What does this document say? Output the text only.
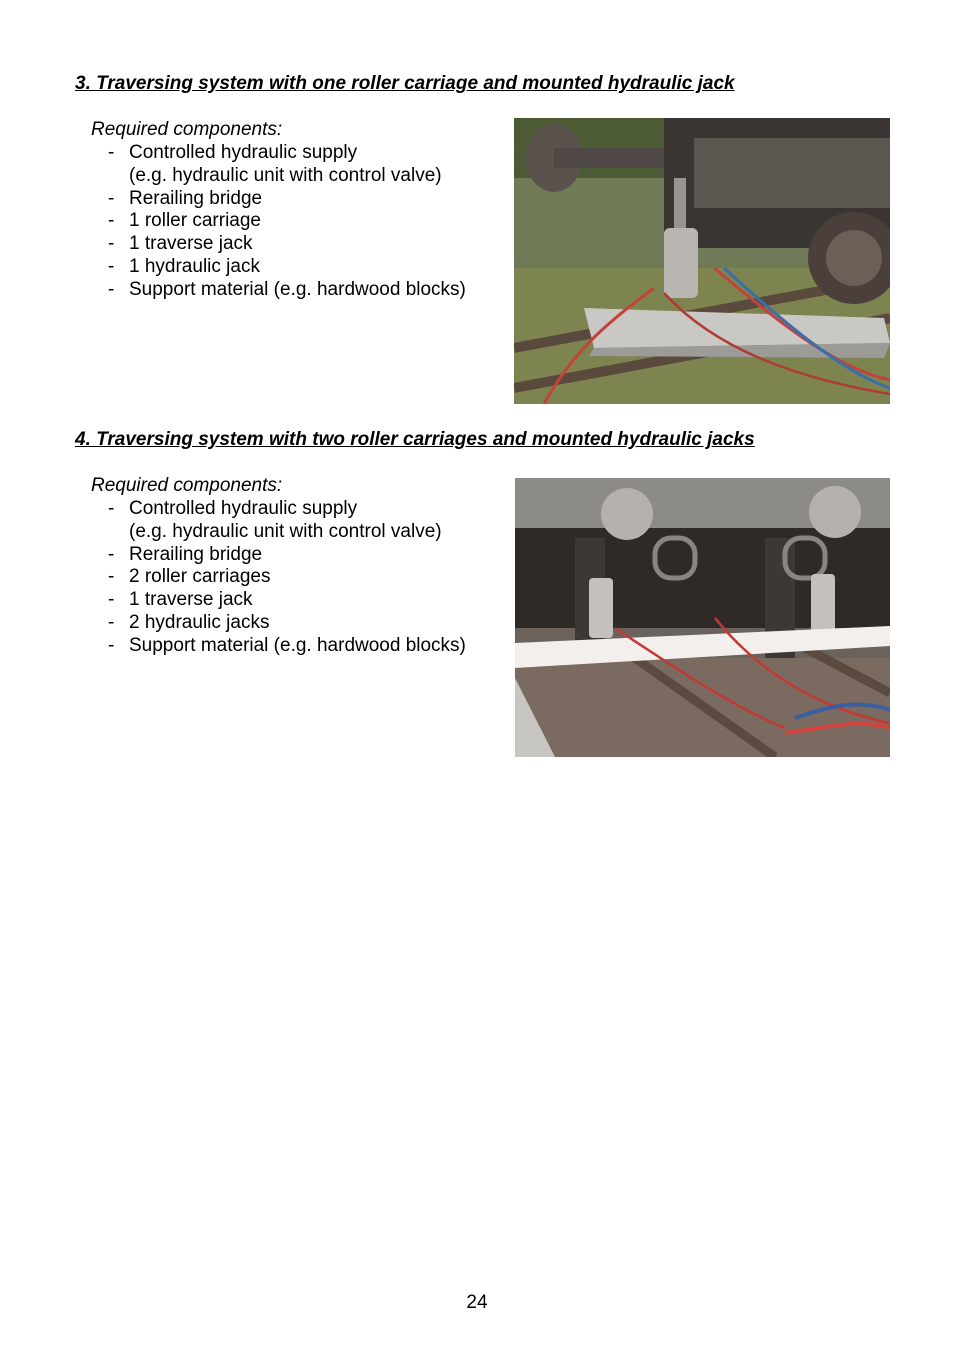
3. Traversing system with one roller carriage and mounted hydraulic jack

Required components:

- Controlled hydraulic supply
(e.g. hydraulic unit with control valve)
- Rerailing bridge
- 1 roller carriage
- 1 traverse jack
- 1 hydraulic jack
- Support material (e.g. hardwood blocks)
4. Traversing system with two roller carriages and mounted hydraulic jacks

Required components:

- Controlled hydraulic supply
(e.g. hydraulic unit with control valve)
- Rerailing bridge
- 2 roller carriages
- 1 traverse jack
- 2 hydraulic jacks
- Support material (e.g. hardwood blocks)
24
